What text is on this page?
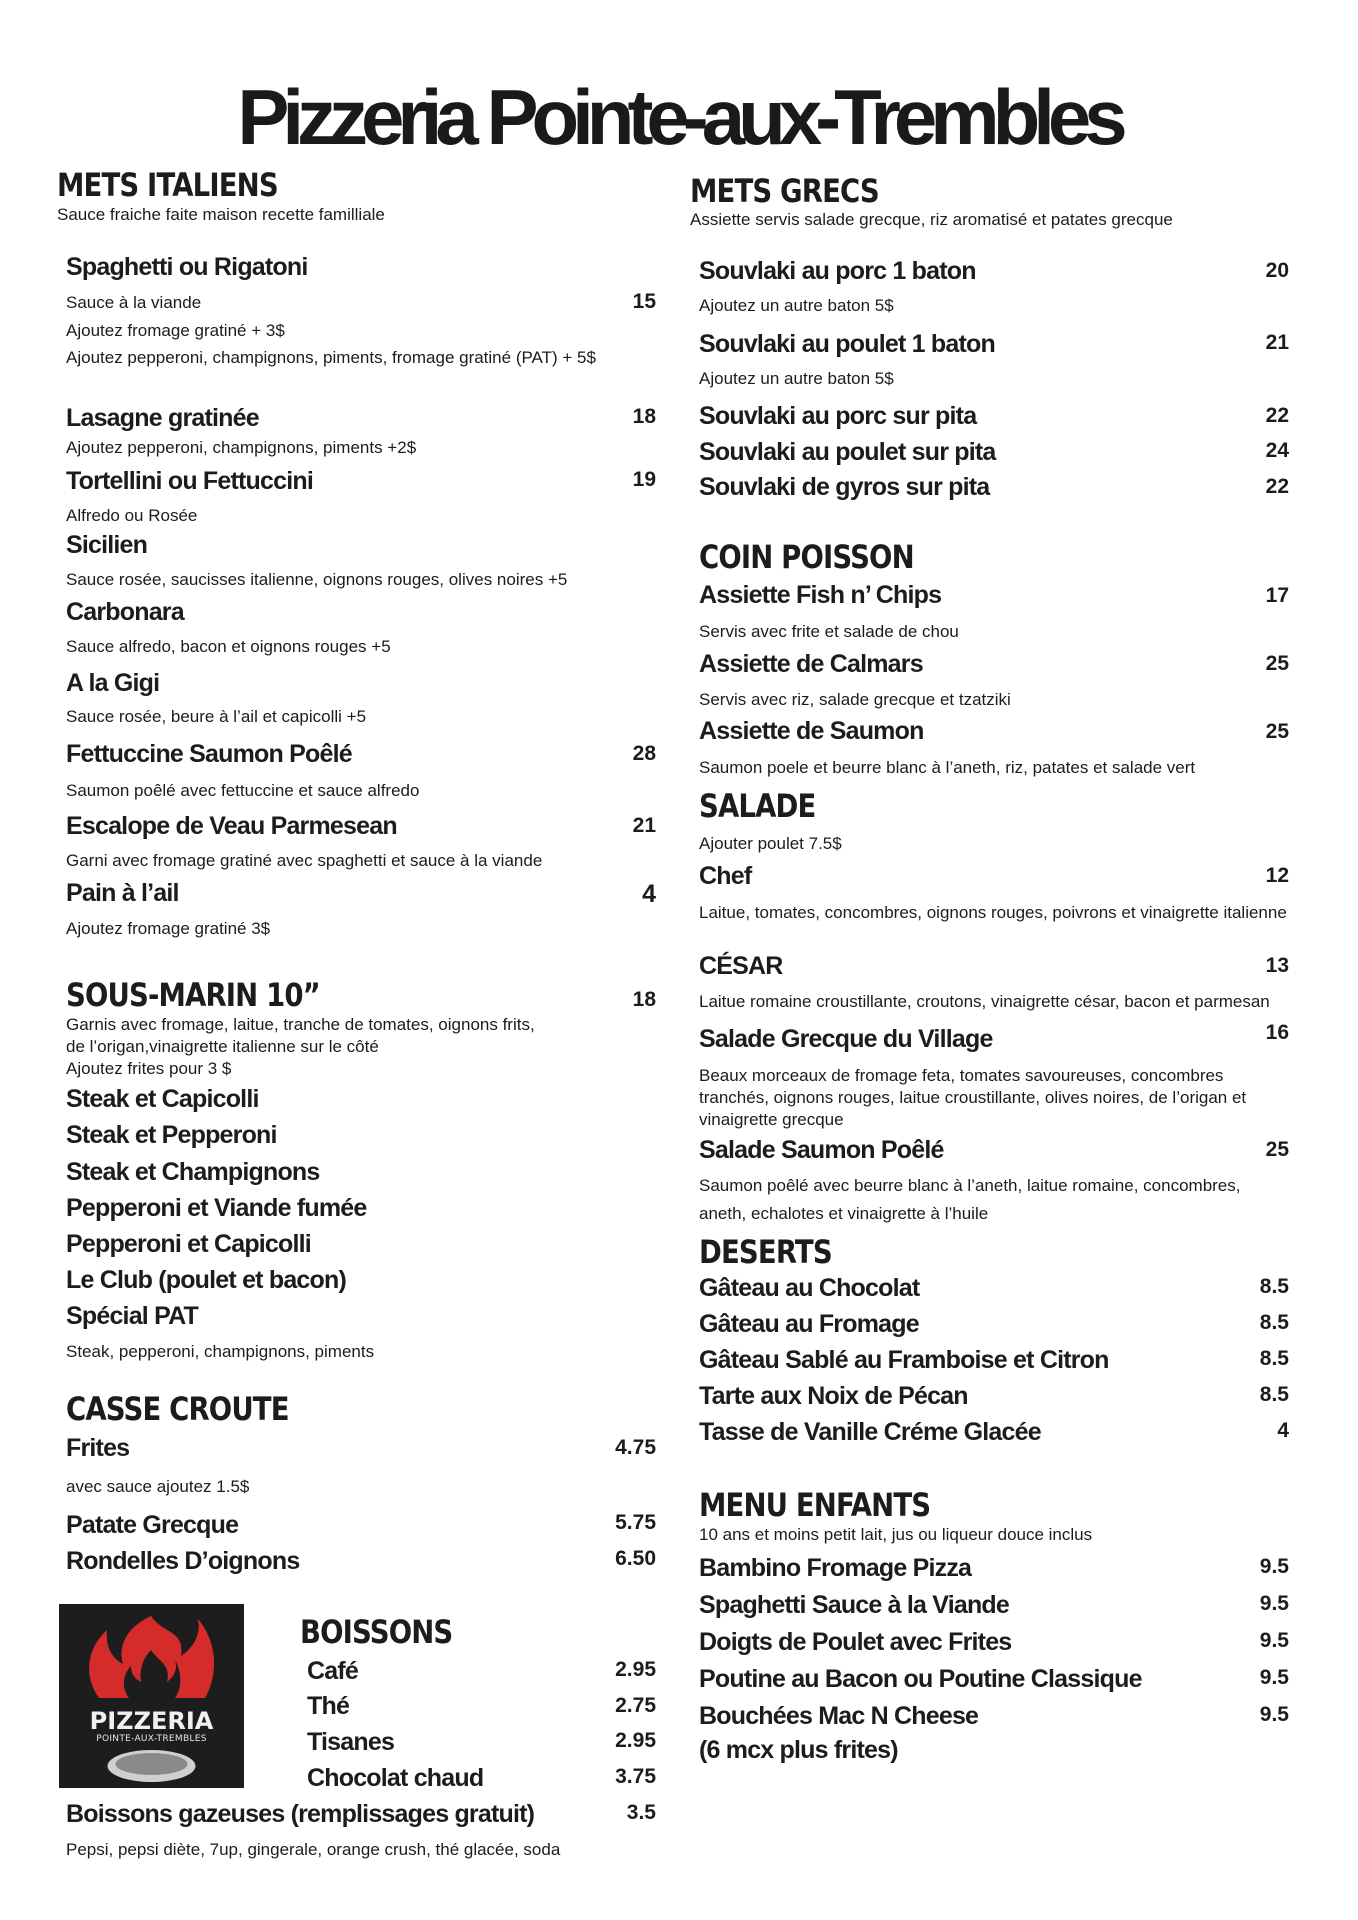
Pizzeria Pointe-aux-Trembles
METS ITALIENS
Sauce fraiche faite maison recette familliale
Spaghetti ou Rigatoni
Sauce à la viande	15
Ajoutez fromage gratiné + 3$
Ajoutez pepperoni, champignons, piments, fromage gratiné (PAT) + 5$
Lasagne gratinée	18
Ajoutez pepperoni, champignons, piments +2$
Tortellini ou Fettuccini	19
Alfredo ou Rosée
Sicilien
Sauce rosée, saucisses italienne, oignons rouges, olives noires +5
Carbonara
Sauce alfredo, bacon et oignons rouges +5
A la Gigi
Sauce rosée, beure à l’ail et capicolli +5
Fettuccine Saumon Poêlé	28
Saumon poêlé avec fettuccine et sauce alfredo
Escalope de Veau Parmesean	21
Garni avec fromage gratiné avec spaghetti et sauce à la viande
Pain à l’ail	4
Ajoutez fromage gratiné 3$
SOUS-MARIN 10”	18
Garnis avec fromage, laitue, tranche de tomates, oignons frits,
de l’origan,vinaigrette italienne sur le côté
Ajoutez frites pour 3 $
Steak et Capicolli
Steak et Pepperoni
Steak et Champignons
Pepperoni et Viande fumée
Pepperoni et Capicolli
Le Club (poulet et bacon)
Spécial PAT
Steak, pepperoni, champignons, piments
CASSE CROUTE
Frites	4.75
avec sauce ajoutez 1.5$
Patate Grecque	5.75
Rondelles D’oignons	6.50
PIZZERIA
POINTE-AUX-TREMBLES
BOISSONS
Café	2.95
Thé	2.75
Tisanes	2.95
Chocolat chaud	3.75
Boissons gazeuses (remplissages gratuit)	3.5
Pepsi, pepsi diète, 7up, gingerale, orange crush, thé glacée, soda
METS GRECS
Assiette servis salade grecque, riz aromatisé et patates grecque
Souvlaki au porc 1 baton	20
Ajoutez un autre baton 5$
Souvlaki au poulet 1 baton	21
Ajoutez un autre baton 5$
Souvlaki au porc sur pita	22
Souvlaki au poulet sur pita	24
Souvlaki de gyros sur pita	22
COIN POISSON
Assiette Fish n’ Chips	17
Servis avec frite et salade de chou
Assiette de Calmars	25
Servis avec riz, salade grecque et tzatziki
Assiette de Saumon	25
Saumon poele et beurre blanc à l’aneth, riz, patates et salade vert
SALADE
Ajouter poulet 7.5$
Chef	12
Laitue, tomates, concombres, oignons rouges, poivrons et vinaigrette italienne
CÉSAR	13
Laitue romaine croustillante, croutons, vinaigrette césar, bacon et parmesan
Salade Grecque du Village	16
Beaux morceaux de fromage feta, tomates savoureuses, concombres tranchés, oignons rouges, laitue croustillante, olives noires, de l’origan et vinaigrette grecque
Salade Saumon Poêlé	25
Saumon poêlé avec beurre blanc à l’aneth, laitue romaine, concombres,
aneth, echalotes et vinaigrette à l’huile
DESERTS
Gâteau au Chocolat	8.5
Gâteau au Fromage	8.5
Gâteau Sablé au Framboise et Citron	8.5
Tarte aux Noix de Pécan	8.5
Tasse de Vanille Créme Glacée	4
MENU ENFANTS
10 ans et moins petit lait, jus ou liqueur douce inclus
Bambino Fromage Pizza	9.5
Spaghetti Sauce à la Viande	9.5
Doigts de Poulet avec Frites	9.5
Poutine au Bacon ou Poutine Classique	9.5
Bouchées Mac N Cheese	9.5
(6 mcx plus frites)
